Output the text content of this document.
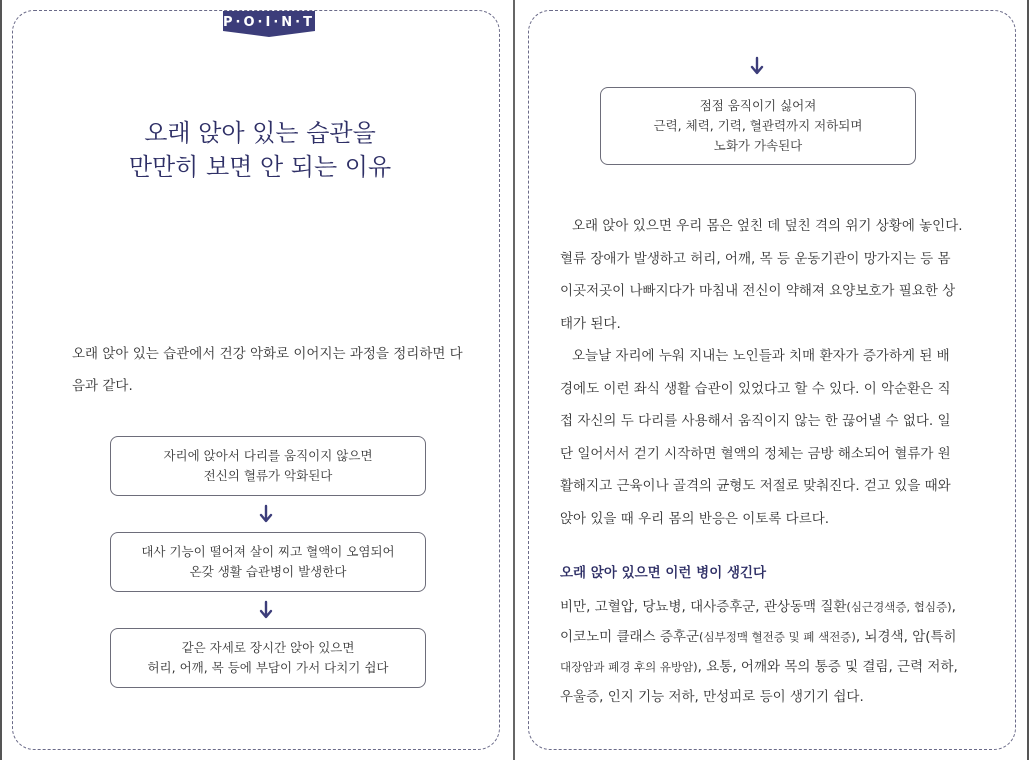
P·O·I·N·T
오래 앉아 있는 습관을
만만히 보면 안 되는 이유
오래 앉아 있는 습관에서 건강 악화로 이어지는 과정을 정리하면 다
음과 같다.
자리에 앉아서 다리를 움직이지 않으면
전신의 혈류가 악화된다
대사 기능이 떨어져 살이 찌고 혈액이 오염되어
온갖 생활 습관병이 발생한다
같은 자세로 장시간 앉아 있으면
허리, 어깨, 목 등에 부담이 가서 다치기 쉽다
점점 움직이기 싫어져
근력, 체력, 기력, 혈관력까지 저하되며
노화가 가속된다
오래 앉아 있으면 우리 몸은 엎친 데 덮친 격의 위기 상황에 놓인다.
혈류 장애가 발생하고 허리, 어깨, 목 등 운동기관이 망가지는 등 몸
이곳저곳이 나빠지다가 마침내 전신이 약해져 요양보호가 필요한 상
태가 된다.
오늘날 자리에 누워 지내는 노인들과 치매 환자가 증가하게 된 배
경에도 이런 좌식 생활 습관이 있었다고 할 수 있다. 이 악순환은 직
접 자신의 두 다리를 사용해서 움직이지 않는 한 끊어낼 수 없다. 일
단 일어서서 걷기 시작하면 혈액의 정체는 금방 해소되어 혈류가 원
활해지고 근육이나 골격의 균형도 저절로 맞춰진다. 걷고 있을 때와
앉아 있을 때 우리 몸의 반응은 이토록 다르다.
오래 앉아 있으면 이런 병이 생긴다
비만, 고혈압, 당뇨병, 대사증후군, 관상동맥 질환(심근경색증, 협심증),
이코노미 클래스 증후군(심부정맥 혈전증 및 폐 색전증), 뇌경색, 암(특히
대장암과 폐경 후의 유방암), 요통, 어깨와 목의 통증 및 결림, 근력 저하,
우울증, 인지 기능 저하, 만성피로 등이 생기기 쉽다.
